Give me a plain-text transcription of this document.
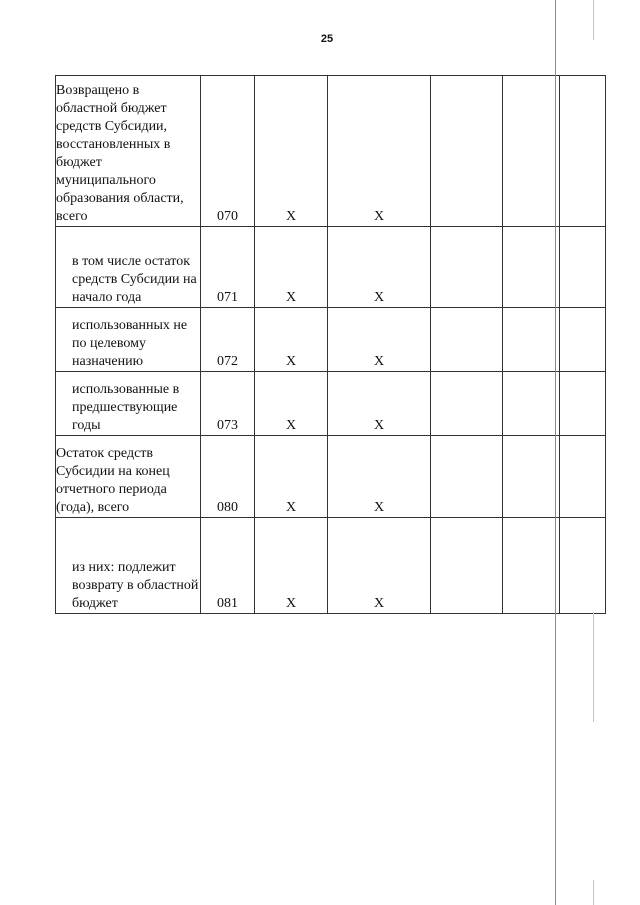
25
Возвращено в областной бюджет средств Субсидии, восстановленных в бюджет муниципального образования области, всего	070	Х	Х			
в том числе остаток средств Субсидии на начало года	071	Х	Х			
использованных не по целевому назначению	072	Х	Х			
использованные в предшествующие годы	073	Х	Х			
Остаток средств Субсидии на конец отчетного периода (года), всего	080	Х	Х			
из них: подлежит возврату в областной бюджет	081	Х	Х			
